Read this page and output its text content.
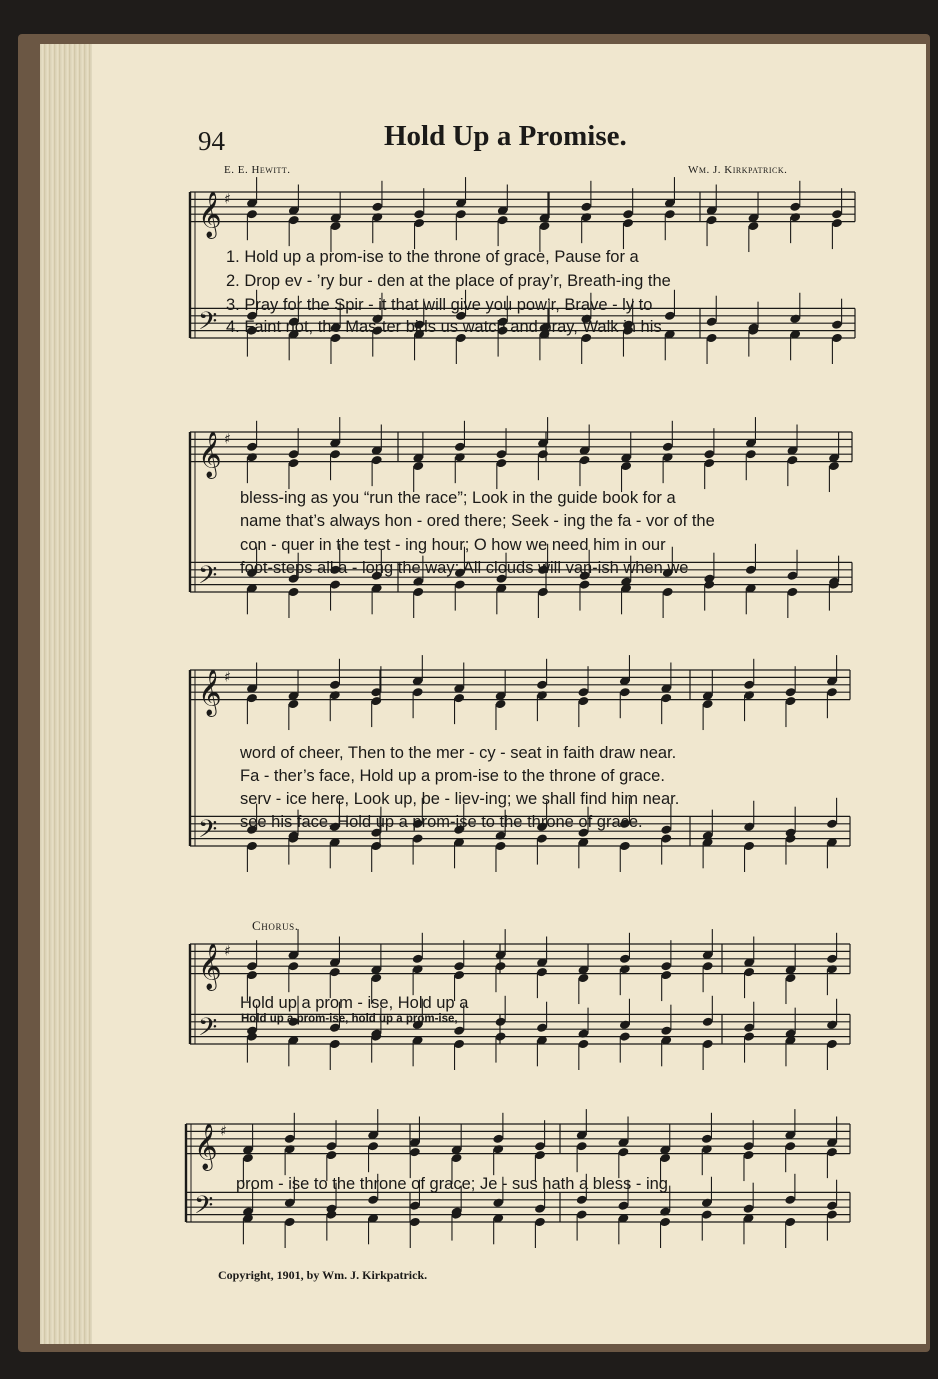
94	Hold Up a Promise.
E. E. Hewitt.	Wm. J. Kirkpatrick.
𝄞
𝄢
♯
𝄞
𝄢
♯
𝄞
𝄢
♯
𝄞
𝄢
♯
𝄞
𝄢
♯
1. Hold up a prom-ise to the throne of grace, Pause for a
2. Drop ev - ’ry bur - den at the place of pray’r, Breath-ing the
3. Pray for the Spir - it that will give you pow’r, Brave - ly to
4. Faint not, the Mas-ter bids us watch and pray, Walk in his
bless-ing as you “run the race”; Look in the guide book for a
name that’s always hon - ored there; Seek - ing the fa - vor of the
con - quer in the test - ing hour; O how we need him in our
foot-steps all a - long the way; All clouds will van-ish when we
word of cheer, Then to the mer - cy - seat in faith draw near.
Fa - ther’s face, Hold up a prom-ise to the throne of grace.
serv - ice here, Look up, be - liev-ing; we shall find him near.
see his face, Hold up a prom-ise to the throne of grace.
Chorus.
Hold up a prom - ise, Hold up a
Hold up a prom-ise, hold up a prom-ise,
prom - ise to the throne of grace; Je - sus hath a bless - ing
Copyright, 1901, by Wm. J. Kirkpatrick.
